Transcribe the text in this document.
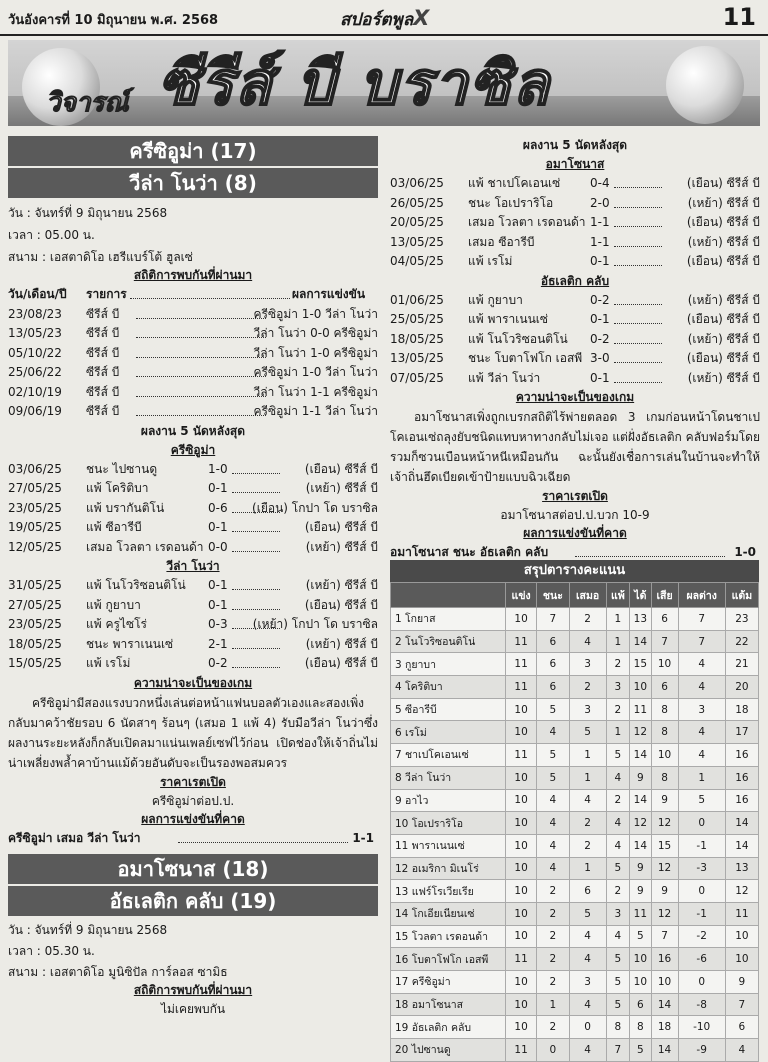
วันอังคารที่ 10 มิถุนายน พ.ศ. 2568	สปอร์ตพูลX	11
วิจารณ์ ซีรีส์ บี บราซิล
ครีซิอูม่า (17)
วีล่า โนว่า (8)
วัน : จันทร์ที่ 9 มิถุนายน 2568
เวลา : 05.00 น.
สนาม : เอสตาดิโอ เฮรีแบร์โต้ ฮูลเซ่
สถิติการพบกันที่ผ่านมา
วัน/เดือน/ปี รายการ	ผลการแข่งขัน
23/08/23 ซีรีส์ บี	ครีซิอูม่า 1-0 วีล่า โนว่า
13/05/23 ซีรีส์ บี	วีล่า โนว่า 0-0 ครีซิอูม่า
05/10/22 ซีรีส์ บี	วีล่า โนว่า 1-0 ครีซิอูม่า
25/06/22 ซีรีส์ บี	ครีซิอูม่า 1-0 วีล่า โนว่า
02/10/19 ซีรีส์ บี	วีล่า โนว่า 1-1 ครีซิอูม่า
09/06/19 ซีรีส์ บี	ครีซิอูม่า 1-1 วีล่า โนว่า
ผลงาน 5 นัดหลังสุด
ครีซิอูม่า
03/06/25 ชนะ ไปซานดู	1-0	(เยือน) ซีรีส์ บี
27/05/25 แพ้ โคริติบา	0-1	(เหย้า) ซีรีส์ บี
23/05/25 แพ้ บรากันติโน่	0-6 (เยือน) โกปา โด บราซิล
19/05/25 แพ้ ซีอารีบี	0-1	(เยือน) ซีรีส์ บี
12/05/25 เสมอ โวลตา เรดอนด้า 0-0	(เหย้า) ซีรีส์ บี
วีล่า โนว่า
31/05/25 แพ้ โนโวริซอนติโน่ 0-1	(เหย้า) ซีรีส์ บี
27/05/25 แพ้ กูยาบา	0-1	(เยือน) ซีรีส์ บี
23/05/25 แพ้ ครูไซโร่	0-3 (เหย้า) โกปา โด บราซิล
18/05/25 ชนะ พาราเนนเซ่	2-1	(เหย้า) ซีรีส์ บี
15/05/25 แพ้ เรโม่	0-2	(เยือน) ซีรีส์ บี
ความน่าจะเป็นของเกม
ครีซิอูม่ามีสองแรงบวกหนึ่งเล่นต่อหน้าแฟนบอลตัวเองและสองเพิ่งกลับมาคว้าชัยรอบ 6 นัดสาๆ ร้อนๆ (เสมอ 1 แพ้ 4) รับมือวีล่า โนว่าซึ่งผลงานระยะหลังก็กลับเปิดลมาแน่นเพลย์เซฟไว้ก่อน เปิดช่องให้เจ้าถิ่นไม่น่าเพลี่ยงพล้ำคาบ้านแม้ด้วยอันดับจะเป็นรองพอสมควร
ราคาเรตเปิด
ครีซิอูม่าต่อป.ป.
ผลการแข่งขันที่คาด
ครีซิอูม่า เสมอ วีล่า โนว่า	1-1
อมาโซนาส (18)
อัธเลติก คลับ (19)
วัน : จันทร์ที่ 9 มิถุนายน 2568
เวลา : 05.30 น.
สนาม : เอสตาดิโอ มูนิซิปัล การ์ลอส ซามิธ
สถิติการพบกันที่ผ่านมา
ไม่เคยพบกัน
ผลงาน 5 นัดหลังสุด
อมาโซนาส
03/06/25 แพ้ ชาเปโคเอนเซ่ 0-4	(เยือน) ซีรีส์ บี
26/05/25 ชนะ โอเปราริโอ	2-0	(เหย้า) ซีรีส์ บี
20/05/25 เสมอ โวลตา เรดอนด้า 1-1	(เยือน) ซีรีส์ บี
13/05/25 เสมอ ซีอารีบี	1-1	(เหย้า) ซีรีส์ บี
04/05/25 แพ้ เรโม่	0-1	(เยือน) ซีรีส์ บี
อัธเลติก คลับ
01/06/25 แพ้ กูยาบา	0-2	(เหย้า) ซีรีส์ บี
25/05/25 แพ้ พาราเนนเซ่	0-1	(เยือน) ซีรีส์ บี
18/05/25 แพ้ โนโวริซอนติโน่ 0-2	(เหย้า) ซีรีส์ บี
13/05/25 ชนะ โบตาโฟโก เอสพี 3-0	(เยือน) ซีรีส์ บี
07/05/25 แพ้ วีล่า โนว่า	0-1	(เหย้า) ซีรีส์ บี
ความน่าจะเป็นของเกม
อมาโซนาสเพิ่งถูกเบรกสถิติไร้พ่ายตลอด 3 เกมก่อนหน้าโดนชาเปโคเอนเซ่ถลุงยับชนิดแทบหาทางกลับไม่เจอ แต่ฝั่งอัธเลติก คลับฟอร์มโดยรวมก็ซวนเบือนหน้าหนีเหมือนกัน ฉะนั้นยังเชื่อการเล่นในบ้านจะทำให้เจ้าถิ่นฮึดเบียดเข้าป้ายแบบฉิวเฉียด
ราคาเรตเปิด
อมาโซนาสต่อป.ป.บวก 10-9
ผลการแข่งขันที่คาด
อมาโซนาส ชนะ อัธเลติก คลับ	1-0
สรุปตารางคะแนน
	แข่ง	ชนะ	เสมอ	แพ้	ได้	เสีย	ผลต่าง	แต้ม
1 โกยาส	10	7	2	1	13	6	7	23
2 โนโวริซอนติโน่	11	6	4	1	14	7	7	22
3 กูยาบา	11	6	3	2	15	10	4	21
4 โคริติบา	11	6	2	3	10	6	4	20
5 ซีอารีบี	10	5	3	2	11	8	3	18
6 เรโม่	10	4	5	1	12	8	4	17
7 ชาเปโคเอนเซ่	11	5	1	5	14	10	4	16
8 วีล่า โนว่า	10	5	1	4	9	8	1	16
9 อาไว	10	4	4	2	14	9	5	16
10 โอเปราริโอ	10	4	2	4	12	12	0	14
11 พาราเนนเซ่	10	4	2	4	14	15	-1	14
12 อเมริกา มิเนโร่	10	4	1	5	9	12	-3	13
13 แฟร์โรเวียเรีย	10	2	6	2	9	9	0	12
14 โกเอียเนียนเซ่	10	2	5	3	11	12	-1	11
15 โวลตา เรดอนด้า	10	2	4	4	5	7	-2	10
16 โบตาโฟโก เอสพี	11	2	4	5	10	16	-6	10
17 ครีซิอูม่า	10	2	3	5	10	10	0	9
18 อมาโซนาส	10	1	4	5	6	14	-8	7
19 อัธเลติก คลับ	10	2	0	8	8	18	-10	6
20 ไปซานดู	11	0	4	7	5	14	-9	4
